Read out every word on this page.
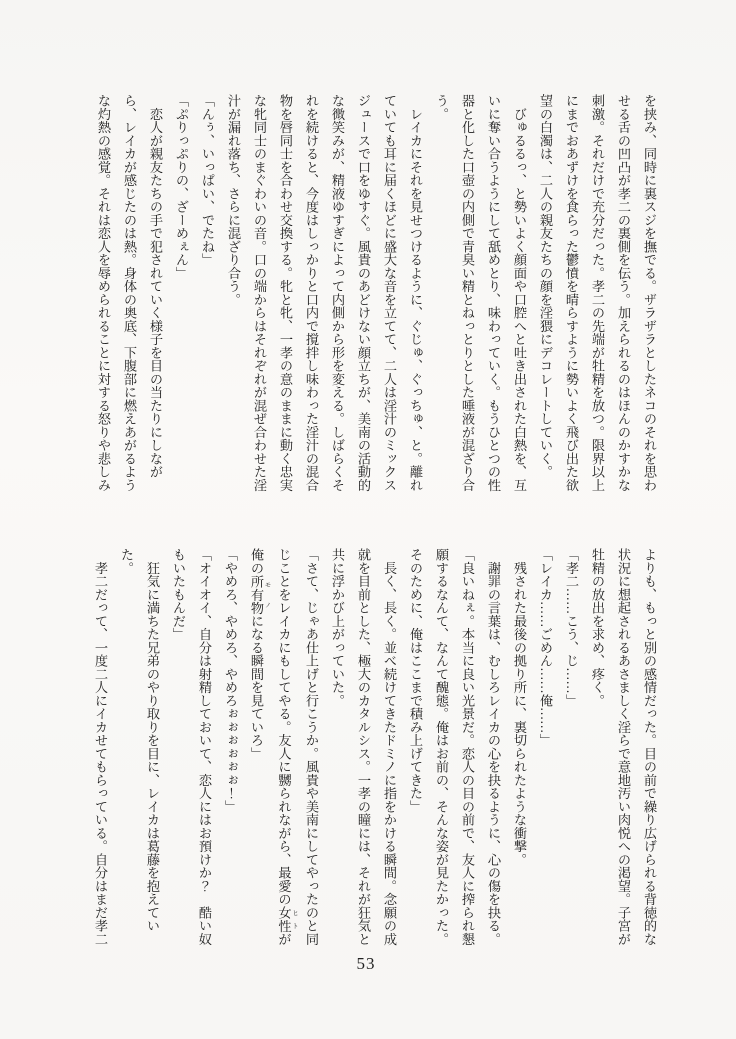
を挟み、同時に裏スジを撫でる。ザラザラとしたネコのそれを思わ
せる舌の凹凸が孝二の裏側を伝う。加えられるのはほんのかすかな
刺激。それだけで充分だった。孝二の先端が牡精を放つ。限界以上
にまでおあずけを食らった鬱憤を晴らすように勢いよく飛び出た欲
望の白濁は、二人の親友たちの顔を淫猥にデコレートしていく。
　びゅるるっ、と勢いよく顔面や口腔へと吐き出された白熱を、互
いに奪い合うようにして舐めとり、味わっていく。もうひとつの性
器と化した口壺の内側で青臭い精とねっとりとした唾液が混ざり合
う。
　レイカにそれを見せつけるように、ぐじゅ、ぐっちゅ、と。離れ
ていても耳に届くほどに盛大な音を立てて、二人は淫汁のミックス
ジュースで口をゆすぐ。風貴のあどけない顔立ちが、美南の活動的
な微笑みが、精液ゆすぎによって内側から形を変える。しばらくそ
れを続けると、今度はしっかりと口内で撹拌し味わった淫汁の混合
物を唇同士を合わせ交換する。牝と牝、一孝の意のままに動く忠実
な牝同士のまぐわいの音。口の端からはそれぞれが混ぜ合わせた淫
汁が漏れ落ち、さらに混ざり合う。
「んぅ、いっぱい、でたね」
「ぷりっぷりの、ざーめぇん」
　恋人が親友たちの手で犯されていく様子を目の当たりにしなが
ら、レイカが感じたのは熱。身体の奥底、下腹部に燃えあがるよう
な灼熱の感覚。それは恋人を辱められることに対する怒りや悲しみ
よりも、もっと別の感情だった。目の前で繰り広げられる背徳的な
状況に想起されるあさましく淫らで意地汚い肉悦への渇望。子宮が
牡精の放出を求め、疼く。
「孝二……こう、じ……」
「レイカ……ごめん……俺……」
　残された最後の拠り所に、裏切られたような衝撃。
　謝罪の言葉は、むしろレイカの心を抉るように、心の傷を抉る。
「良いねぇ。本当に良い光景だ。恋人の目の前で、友人に搾られ懇
願するなんて、なんて醜態。俺はお前の、そんな姿が見たかった。
そのために、俺はここまで積み上げてきた」
　長く、長く。並べ続けてきたドミノに指をかける瞬間。念願の成
就を目前とした、極大のカタルシス。一孝の瞳には、それが狂気と
共に浮かび上がっていた。
「さて、じゃあ仕上げと行こうか。風貴や美南にしてやったのと同
じことをレイカにもしてやる。友人に嬲られながら、最愛の女性 ヒトが
俺の所有物 モノになる瞬間を見ていろ」
「やめろ、やめろ、やめろぉぉぉぉぉぉ！」
「オイオイ、自分は射精しておいて、恋人にはお預けか？　酷い奴
もいたもんだ」
　狂気に満ちた兄弟のやり取りを目に、レイカは葛藤を抱えてい
た。
　孝二だって、一度二人にイカせてもらっている。自分はまだ孝二
53
